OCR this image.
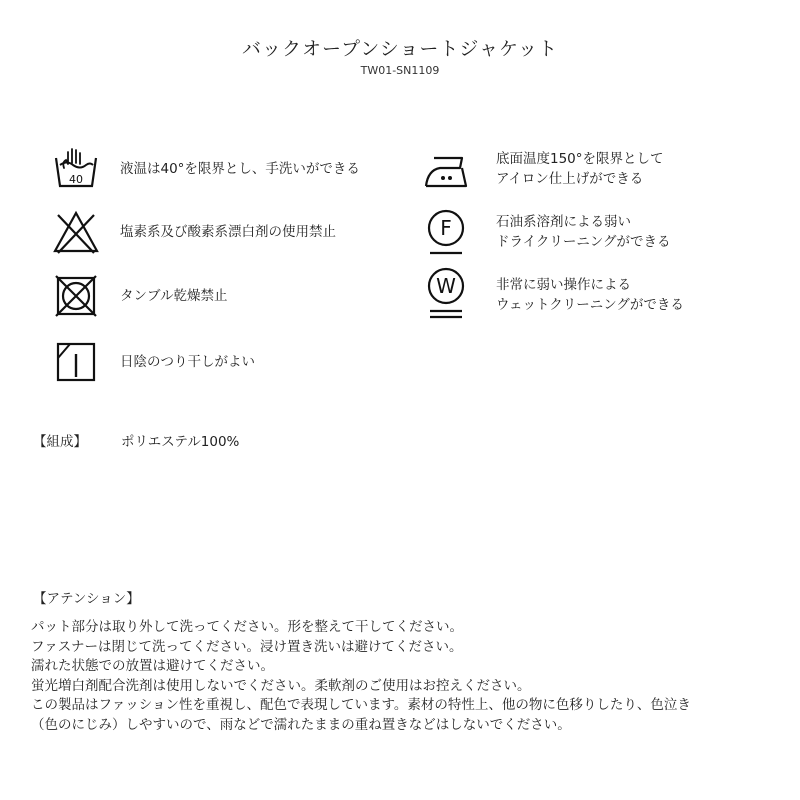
バックオープンショートジャケット
TW01-SN1109
40
液温は40°を限界とし、手洗いができる
塩素系及び酸素系漂白剤の使用禁止
タンブル乾燥禁止
日陰のつり干しがよい
底面温度150°を限界として
アイロン仕上げができる
F	石油系溶剤による弱い
ドライクリーニングができる
W	非常に弱い操作による
ウェットクリーニングができる
【組成】	ポリエステル100%
【アテンション】
パット部分は取り外して洗ってください。形を整えて干してください。
ファスナーは閉じて洗ってください。浸け置き洗いは避けてください。
濡れた状態での放置は避けてください。
蛍光増白剤配合洗剤は使用しないでください。柔軟剤のご使用はお控えください。
この製品はファッション性を重視し、配色で表現しています。素材の特性上、他の物に色移りしたり、色泣き
（色のにじみ）しやすいので、雨などで濡れたままの重ね置きなどはしないでください。
